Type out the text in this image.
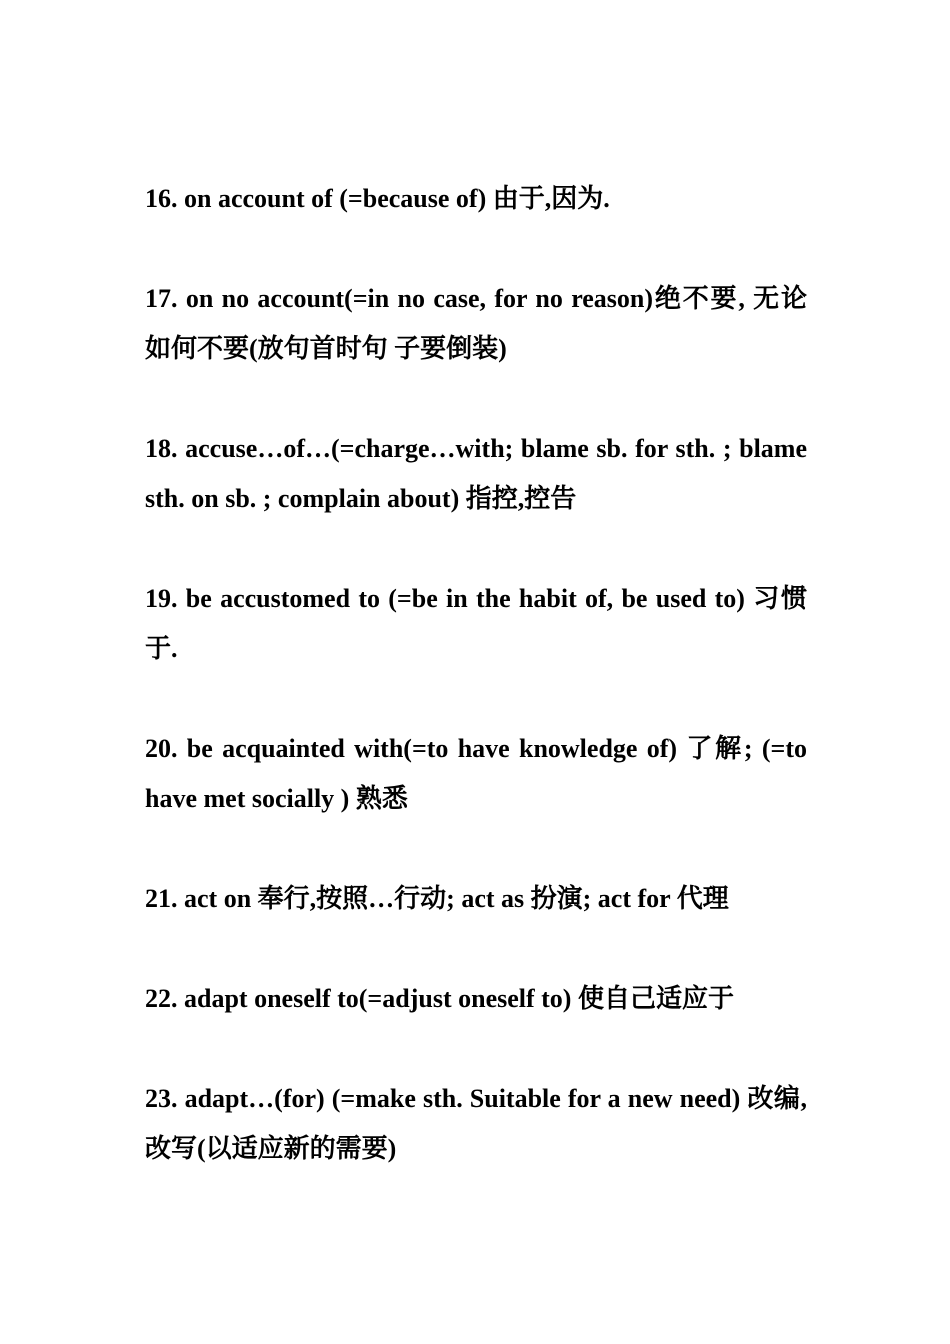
16. on account of (=because of) 由于,因为.

17. on no account(=in no case, for no reason)绝不要, 无论如何不要(放句首时句 子要倒装)

18. accuse…of…(=charge…with; blame sb. for sth. ; blame sth. on sb. ; complain about) 指控,控告

19. be accustomed to (=be in the habit of, be used to) 习惯于.

20. be acquainted with(=to have knowledge of) 了解; (=to have met socially ) 熟悉

21. act on 奉行,按照…行动; act as 扮演; act for 代理

22. adapt oneself to(=adjust oneself to) 使自己适应于

23. adapt…(for) (=make sth. Suitable for a new need) 改编, 改写(以适应新的需要)
